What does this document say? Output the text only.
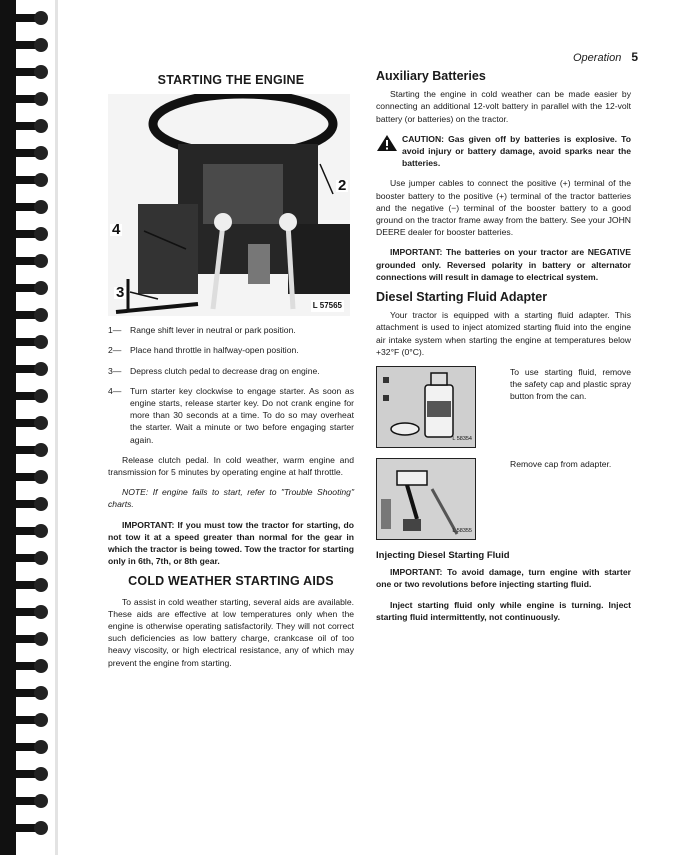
Operation 5
STARTING THE ENGINE
2
4
3
L 57565
1—	Range shift lever in neutral or park position.
2—	Place hand throttle in halfway-open position.
3—	Depress clutch pedal to decrease drag on engine.
4—	Turn starter key clockwise to engage starter. As soon as engine starts, release starter key. Do not crank engine for more than 30 seconds at a time. To do so may overheat the starter. Wait a minute or two before engaging starter again.

Release clutch pedal. In cold weather, warm engine and transmission for 5 minutes by operating engine at half throttle.

NOTE: If engine fails to start, refer to "Trouble Shooting" charts.

IMPORTANT: If you must tow the tractor for starting, do not tow it at a speed greater than normal for the gear in which the tractor is being towed. Tow the tractor for starting only in 6th, 7th, or 8th gear.

COLD WEATHER STARTING AIDS

To assist in cold weather starting, several aids are available. These aids are effective at low temperatures only when the engine is otherwise operating satisfactorily. They will not correct such deficiencies as low battery charge, crankcase oil of too heavy viscosity, or high electrical resistance, any of which may prevent the engine from starting.

Auxiliary Batteries

Starting the engine in cold weather can be made easier by connecting an additional 12-volt battery in parallel with the 12-volt battery (or batteries) on the tractor.

CAUTION: Gas given off by batteries is explosive. To avoid injury or battery damage, avoid sparks near the batteries.

Use jumper cables to connect the positive (+) terminal of the booster battery to the positive (+) terminal of the tractor batteries and the negative (−) terminal of the booster battery to a good ground on the tractor frame away from the battery. See your JOHN DEERE dealer for booster batteries.

IMPORTANT: The batteries on your tractor are NEGATIVE grounded only. Reversed polarity in battery or alternator connections will result in damage to electrical system.

Diesel Starting Fluid Adapter

Your tractor is equipped with a starting fluid adapter. This attachment is used to inject atomized starting fluid into the engine air intake system when starting the engine at temperatures below +32°F (0°C).

L 58354

To use starting fluid, remove the safety cap and plastic spray button from the can.

L 58355

Remove cap from adapter.

Injecting Diesel Starting Fluid

IMPORTANT: To avoid damage, turn engine with starter one or two revolutions before injecting starting fluid.

Inject starting fluid only while engine is turning. Inject starting fluid intermittently, not continuously.
